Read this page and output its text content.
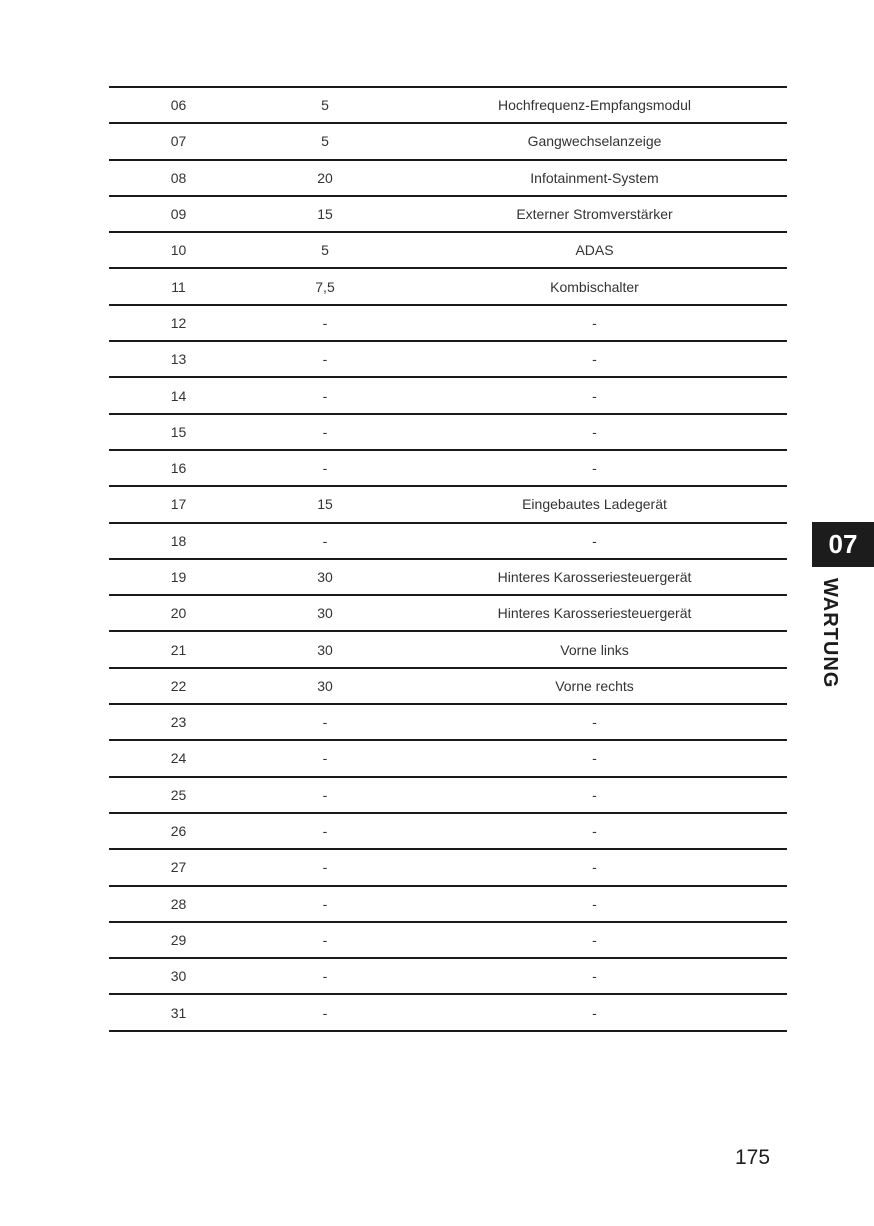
06	5	Hochfrequenz-Empfangsmodul
07	5	Gangwechselanzeige
08	20	Infotainment-System
09	15	Externer Stromverstärker
10	5	ADAS
11	7,5	Kombischalter
12	-	-
13	-	-
14	-	-
15	-	-
16	-	-
17	15	Eingebautes Ladegerät
18	-	-
19	30	Hinteres Karosseriesteuergerät
20	30	Hinteres Karosseriesteuergerät
21	30	Vorne links
22	30	Vorne rechts
23	-	-
24	-	-
25	-	-
26	-	-
27	-	-
28	-	-
29	-	-
30	-	-
31	-	-
07
WARTUNG
175
